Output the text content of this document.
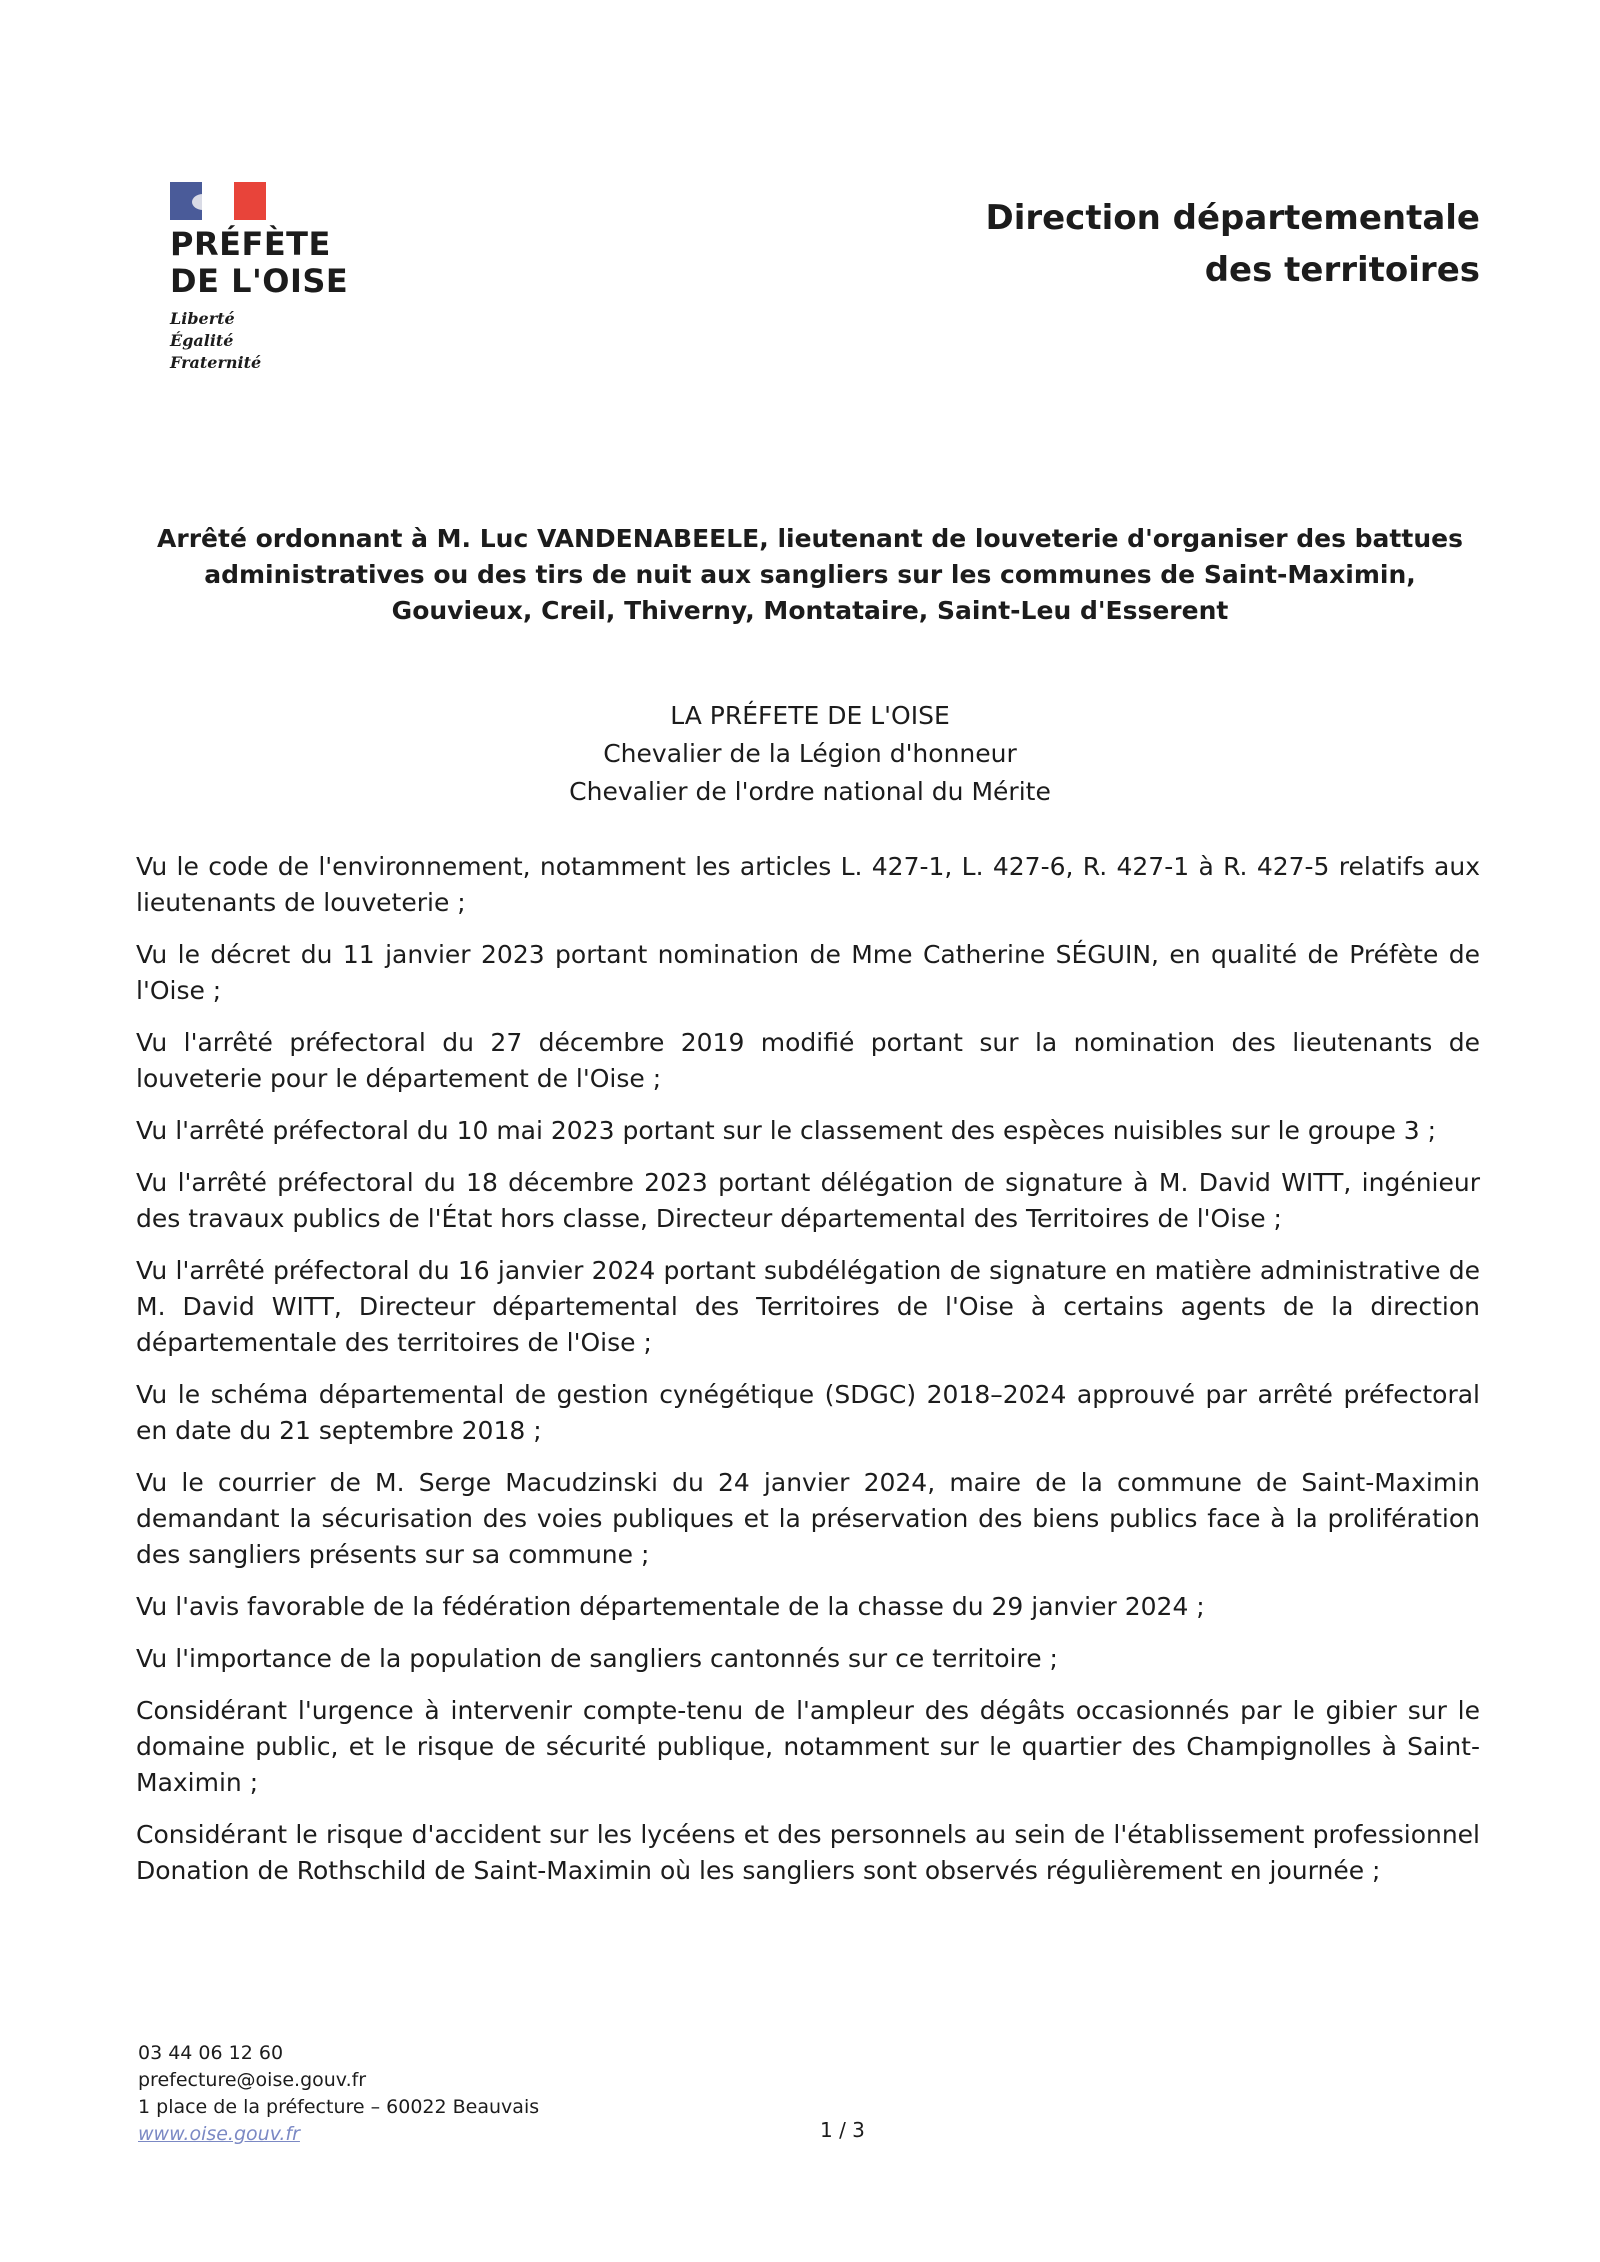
PRÉFÈTE
DE L'OISE
Liberté
Égalité
Fraternité
Direction départementale
des territoires
Arrêté ordonnant à M. Luc VANDENABEELE, lieutenant de louveterie d'organiser des battues administratives ou des tirs de nuit aux sangliers sur les communes de Saint-Maximin, Gouvieux, Creil, Thiverny, Montataire, Saint-Leu d'Esserent
LA PRÉFETE DE L'OISE
Chevalier de la Légion d'honneur
Chevalier de l'ordre national du Mérite

Vu le code de l'environnement, notamment les articles L. 427-1, L. 427-6, R. 427-1 à R. 427-5 relatifs aux lieutenants de louveterie ;

Vu le décret du 11 janvier 2023 portant nomination de Mme Catherine SÉGUIN, en qualité de Préfète de l'Oise ;

Vu l'arrêté préfectoral du 27 décembre 2019 modifié portant sur la nomination des lieutenants de louveterie pour le département de l'Oise ;

Vu l'arrêté préfectoral du 10 mai 2023 portant sur le classement des espèces nuisibles sur le groupe 3 ;

Vu l'arrêté préfectoral du 18 décembre 2023 portant délégation de signature à M. David WITT, ingénieur des travaux publics de l'État hors classe, Directeur départemental des Territoires de l'Oise ;

Vu l'arrêté préfectoral du 16 janvier 2024 portant subdélégation de signature en matière administrative de M. David WITT, Directeur départemental des Territoires de l'Oise à certains agents de la direction départementale des territoires de l'Oise ;

Vu le schéma départemental de gestion cynégétique (SDGC) 2018–2024 approuvé par arrêté préfectoral en date du 21 septembre 2018 ;

Vu le courrier de M. Serge Macudzinski du 24 janvier 2024, maire de la commune de Saint-Maximin demandant la sécurisation des voies publiques et la préservation des biens publics face à la prolifération des sangliers présents sur sa commune ;

Vu l'avis favorable de la fédération départementale de la chasse du 29 janvier 2024 ;

Vu l'importance de la population de sangliers cantonnés sur ce territoire ;

Considérant l'urgence à intervenir compte-tenu de l'ampleur des dégâts occasionnés par le gibier sur le domaine public, et le risque de sécurité publique, notamment sur le quartier des Champignolles à Saint-Maximin ;

Considérant le risque d'accident sur les lycéens et des personnels au sein de l'établissement professionnel Donation de Rothschild de Saint-Maximin où les sangliers sont observés régulièrement en journée ;

03 44 06 12 60
prefecture@oise.gouv.fr
1 place de la préfecture – 60022 Beauvais
www.oise.gouv.fr	1 / 3
